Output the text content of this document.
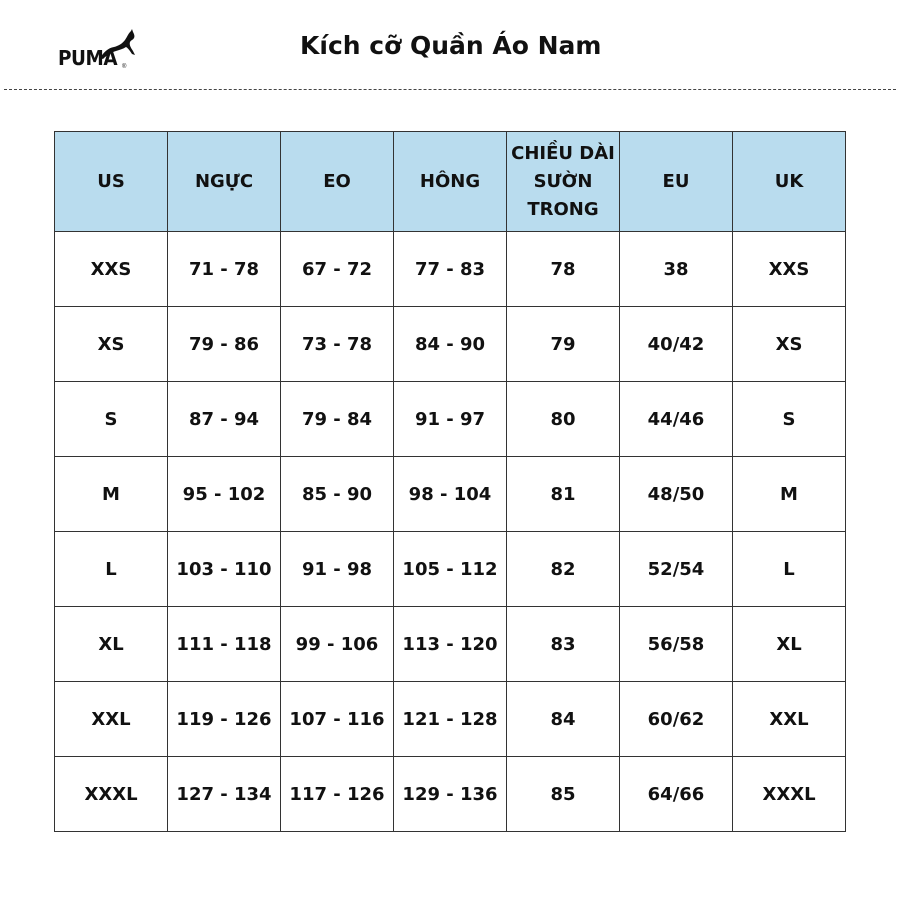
PUMA ®
Kích cỡ Quần Áo Nam
US	NGỰC	EO	HÔNG	CHIỀU DÀI SƯỜN TRONG	EU	UK
XXS	71 - 78	67 - 72	77 - 83	78	38	XXS
XS	79 - 86	73 - 78	84 - 90	79	40/42	XS
S	87 - 94	79 - 84	91 - 97	80	44/46	S
M	95 - 102	85 - 90	98 - 104	81	48/50	M
L	103 - 110	91 - 98	105 - 112	82	52/54	L
XL	111 - 118	99 - 106	113 - 120	83	56/58	XL
XXL	119 - 126	107 - 116	121 - 128	84	60/62	XXL
XXXL	127 - 134	117 - 126	129 - 136	85	64/66	XXXL
